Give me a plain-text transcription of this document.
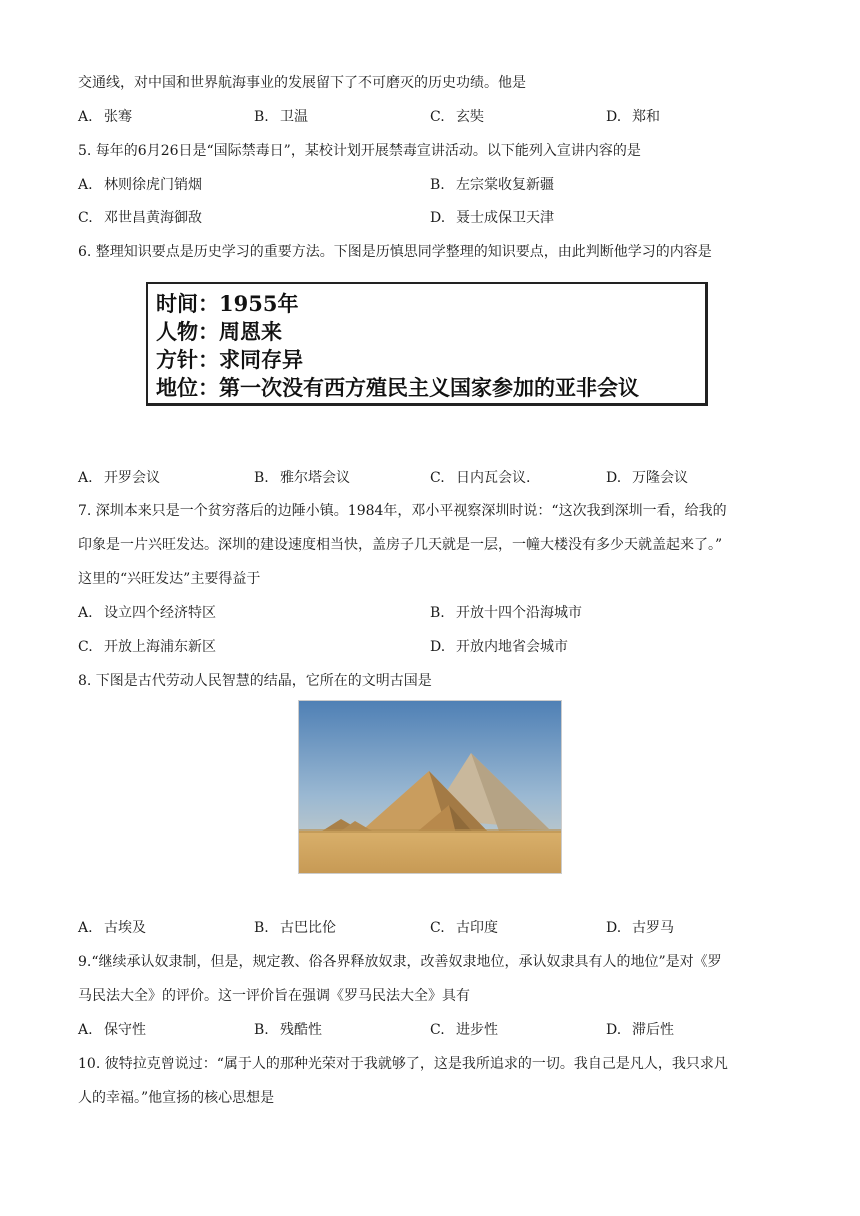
交通线，对中国和世界航海事业的发展留下了不可磨灭的历史功绩。他是
A. 张骞	B. 卫温	C. 玄奘	D. 郑和
5. 每年的6月26日是“国际禁毒日”，某校计划开展禁毒宣讲活动。以下能列入宣讲内容的是
A. 林则徐虎门销烟	B. 左宗棠收复新疆
C. 邓世昌黄海御敌	D. 聂士成保卫天津
6. 整理知识要点是历史学习的重要方法。下图是历慎思同学整理的知识要点，由此判断他学习的内容是
时间：1955年
人物：周恩来
方针：求同存异
地位：第一次没有西方殖民主义国家参加的亚非会议
A. 开罗会议	B. 雅尔塔会议	C. 日内瓦会议.	D. 万隆会议
7. 深圳本来只是一个贫穷落后的边陲小镇。1984年，邓小平视察深圳时说：“这次我到深圳一看，给我的
印象是一片兴旺发达。深圳的建设速度相当快，盖房子几天就是一层，一幢大楼没有多少天就盖起来了。”
这里的“兴旺发达”主要得益于
A. 设立四个经济特区	B. 开放十四个沿海城市
C. 开放上海浦东新区	D. 开放内地省会城市
8. 下图是古代劳动人民智慧的结晶，它所在的文明古国是
A. 古埃及	B. 古巴比伦	C. 古印度	D. 古罗马
9.“继续承认奴隶制，但是，规定教、俗各界释放奴隶，改善奴隶地位，承认奴隶具有人的地位”是对《罗
马民法大全》的评价。这一评价旨在强调《罗马民法大全》具有
A. 保守性	B. 残酷性	C. 进步性	D. 滞后性
10. 彼特拉克曾说过：“属于人的那种光荣对于我就够了，这是我所追求的一切。我自己是凡人，我只求凡
人的幸福。”他宣扬的核心思想是
